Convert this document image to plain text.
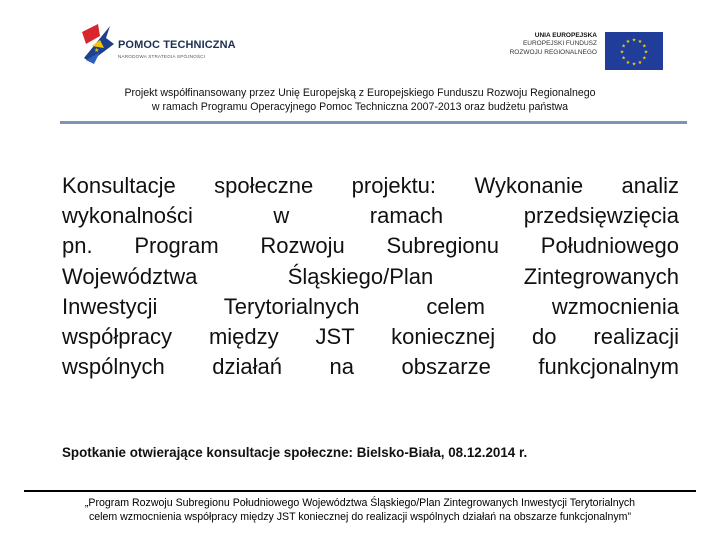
★ POMOC TECHNICZNA
NARODOWA STRATEGIA SPÓJNOŚCI
UNIA EUROPEJSKA
EUROPEJSKI FUNDUSZ
ROZWOJU REGIONALNEGO
★ ★
★
★
★
★
★
★
★
★
★
★
Projekt współfinansowany przez Unię Europejską z Europejskiego Funduszu Rozwoju Regionalnego
w ramach Programu Operacyjnego Pomoc Techniczna 2007-2013 oraz budżetu państwa
Konsultacje społeczne projektu: Wykonanie analiz
wykonalności w ramach przedsięwzięcia
pn. Program Rozwoju Subregionu Południowego
Województwa Śląskiego/Plan Zintegrowanych
Inwestycji Terytorialnych celem wzmocnienia
współpracy między JST koniecznej do realizacji
wspólnych działań na obszarze funkcjonalnym
Spotkanie otwierające konsultacje społeczne: Bielsko-Biała, 08.12.2014 r.
„Program Rozwoju Subregionu Południowego Województwa Śląskiego/Plan Zintegrowanych Inwestycji Terytorialnych
celem wzmocnienia współpracy między JST koniecznej do realizacji wspólnych działań na obszarze funkcjonalnym”
